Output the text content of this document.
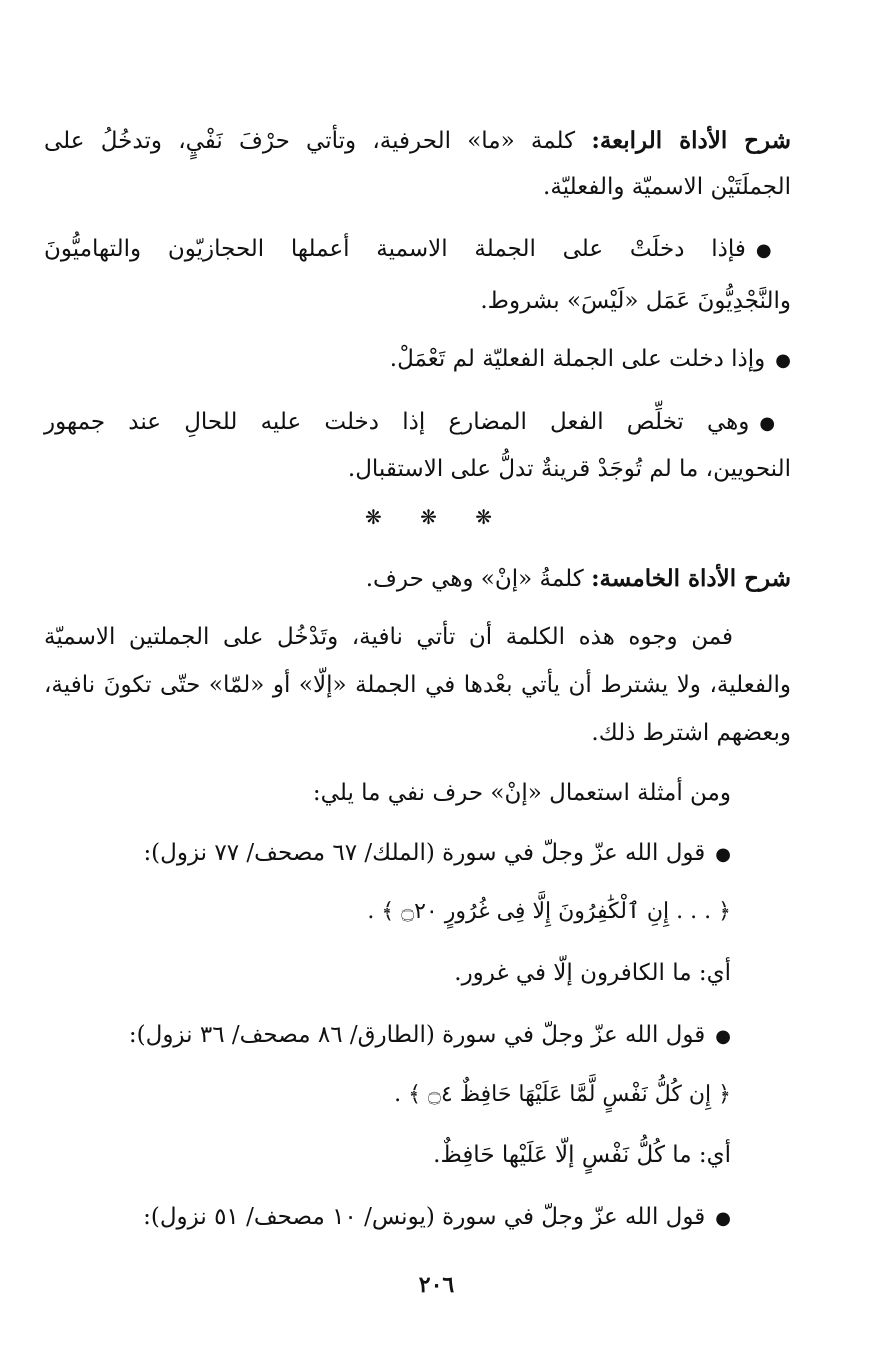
شرح الأداة الرابعة: كلمة «ما» الحرفية، وتأتي حرْفَ نَفْيٍ، وتدخُلُ على
الجملَتَيْن الاسميّة والفعليّة.
●فإذا دخلَتْ على الجملة الاسمية أعملها الحجازيّون والتهاميُّونَ
والنَّجْدِيُّونَ عَمَل «لَيْسَ» بشروط.
●وإذا دخلت على الجملة الفعليّة لم تَعْمَلْ.
●وهي تخلِّص الفعل المضارع إذا دخلت عليه للحالِ عند جمهور
النحويين، ما لم تُوجَدْ قرينةٌ تدلُّ على الاستقبال.
❋ ❋ ❋
شرح الأداة الخامسة: كلمةُ «إنْ» وهي حرف.
فمن وجوه هذه الكلمة أن تأتي نافية، وتَدْخُل على الجملتين الاسميّة
والفعلية، ولا يشترط أن يأتي بعْدها في الجملة «إلّا» أو «لمّا» حتّى تكونَ نافية،
وبعضهم اشترط ذلك.
ومن أمثلة استعمال «إنْ» حرف نفي ما يلي:
●قول الله عزّ وجلّ في سورة (الملك/ ٦٧ مصحف/ ٧٧ نزول):
﴿ . . . إِنِ ٱلْكَٰفِرُونَ إِلَّا فِى غُرُورٍ ۝٢٠ ﴾ .
أي: ما الكافرون إلّا في غرور.
●قول الله عزّ وجلّ في سورة (الطارق/ ٨٦ مصحف/ ٣٦ نزول):
﴿ إِن كُلُّ نَفْسٍ لَّمَّا عَلَيْهَا حَافِظٌ ۝٤ ﴾ .
أي: ما كُلُّ نَفْسٍ إلّا عَلَيْها حَافِظٌ.
●قول الله عزّ وجلّ في سورة (يونس/ ١٠ مصحف/ ٥١ نزول):
٢٠٦
